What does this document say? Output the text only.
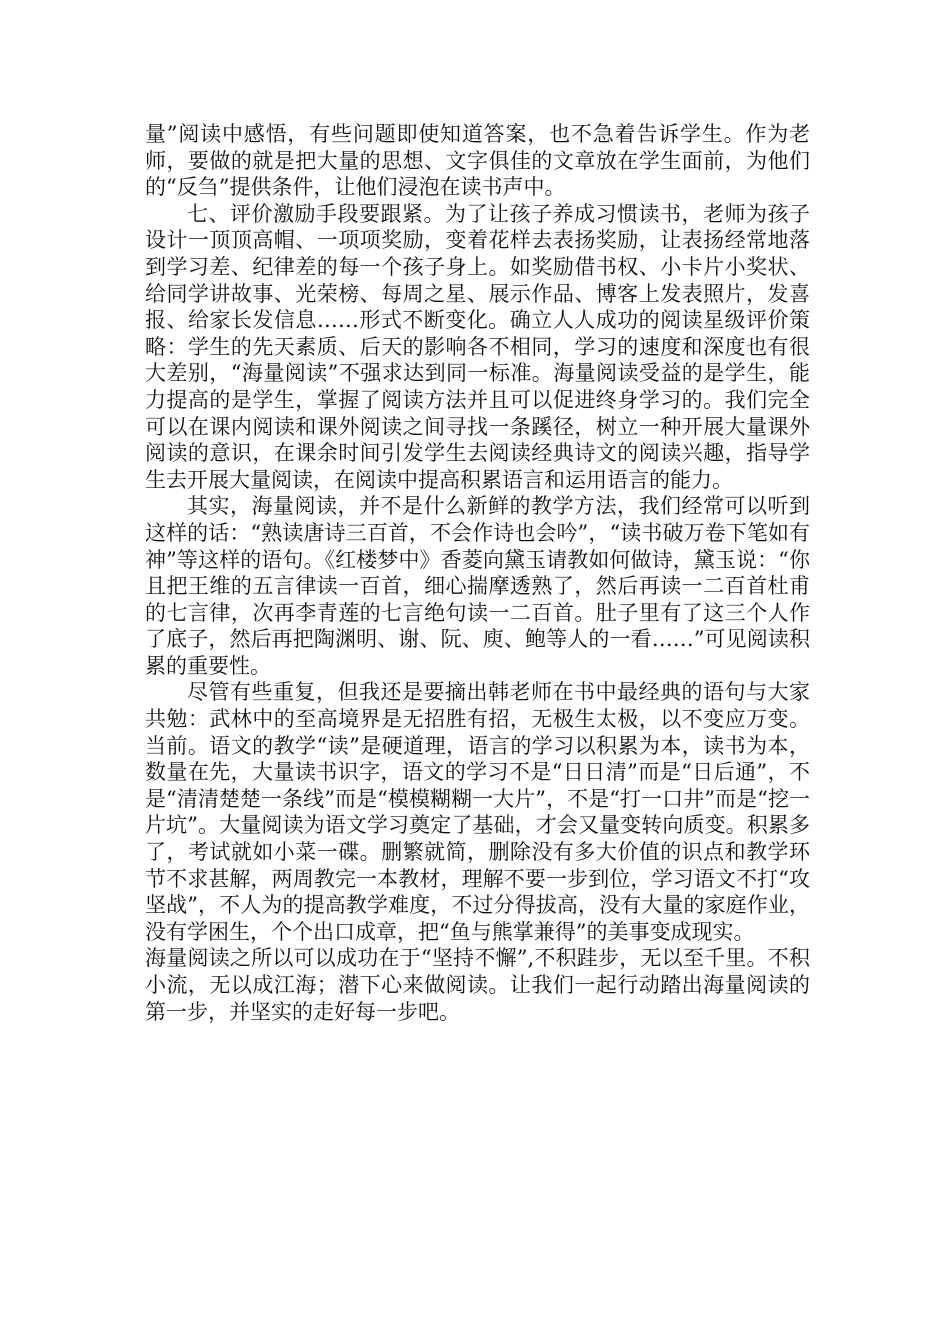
量”阅读中感悟，有些问题即使知道答案，也不急着告诉学生。作为老师，要做的就是把大量的思想、文字俱佳的文章放在学生面前，为他们的“反刍”提供条件，让他们浸泡在读书声中。

七、评价激励手段要跟紧。为了让孩子养成习惯读书，老师为孩子设计一顶顶高帽、一项项奖励，变着花样去表扬奖励，让表扬经常地落到学习差、纪律差的每一个孩子身上。如奖励借书权、小卡片小奖状、给同学讲故事、光荣榜、每周之星、展示作品、博客上发表照片，发喜报、给家长发信息……形式不断变化。确立人人成功的阅读星级评价策略：学生的先天素质、后天的影响各不相同，学习的速度和深度也有很大差别，“海量阅读”不强求达到同一标准。海量阅读受益的是学生，能力提高的是学生，掌握了阅读方法并且可以促进终身学习的。我们完全可以在课内阅读和课外阅读之间寻找一条蹊径，树立一种开展大量课外阅读的意识，在课余时间引发学生去阅读经典诗文的阅读兴趣，指导学生去开展大量阅读，在阅读中提高积累语言和运用语言的能力。

其实，海量阅读，并不是什么新鲜的教学方法，我们经常可以听到这样的话：“熟读唐诗三百首，不会作诗也会吟”，“读书破万卷下笔如有神”等这样的语句。《红楼梦中》香菱向黛玉请教如何做诗，黛玉说：“你且把王维的五言律读一百首，细心揣摩透熟了，然后再读一二百首杜甫的七言律，次再李青莲的七言绝句读一二百首。肚子里有了这三个人作了底子，然后再把陶渊明、谢、阮、庾、鲍等人的一看……”可见阅读积累的重要性。

尽管有些重复，但我还是要摘出韩老师在书中最经典的语句与大家共勉：武林中的至高境界是无招胜有招，无极生太极，以不变应万变。当前。语文的教学“读”是硬道理，语言的学习以积累为本，读书为本，数量在先，大量读书识字，语文的学习不是“日日清”而是“日后通”，不是“清清楚楚一条线”而是“模模糊糊一大片”，不是“打一口井”而是“挖一片坑”。大量阅读为语文学习奠定了基础，才会又量变转向质变。积累多了，考试就如小菜一碟。删繁就简，删除没有多大价值的识点和教学环节不求甚解，两周教完一本教材，理解不要一步到位，学习语文不打“攻坚战”，不人为的提高教学难度，不过分得拔高，没有大量的家庭作业，没有学困生，个个出口成章，把“鱼与熊掌兼得”的美事变成现实。

海量阅读之所以可以成功在于“坚持不懈”,不积跬步，无以至千里。不积小流，无以成江海；潜下心来做阅读。让我们一起行动踏出海量阅读的第一步，并坚实的走好每一步吧。
